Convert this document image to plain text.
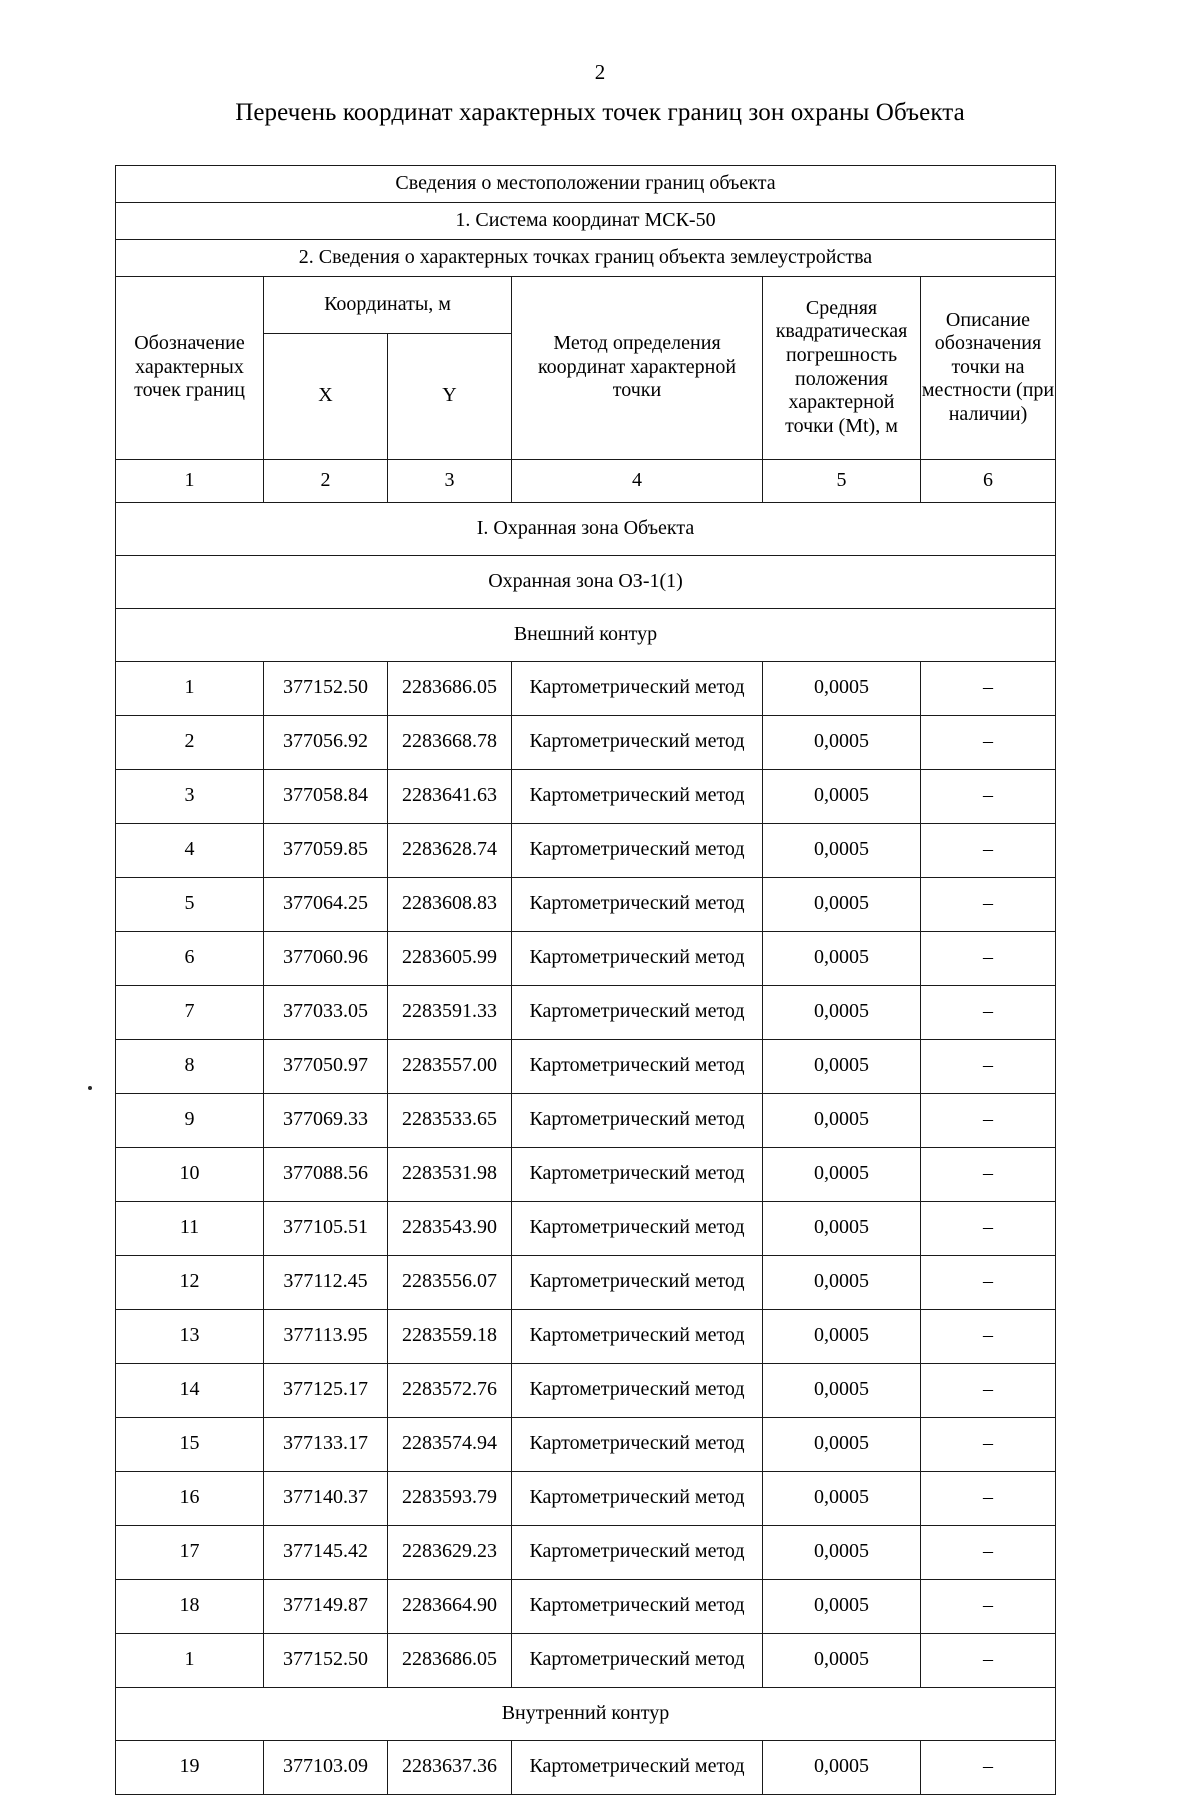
2
Перечень координат характерных точек границ зон охраны Объекта
Сведения о местоположении границ объекта					
1. Система координат МСК-50					
2. Сведения о характерных точках границ объекта землеустройства					
Обозначение характерных точек границ	Координаты, м		Метод определения координат характерной точки	Средняя квадратическая погрешность положения характерной точки (Mt), м	Описание обозначения точки на местности (при наличии)
	X	Y			
1	2	3	4	5	6
I. Охранная зона Объекта					
Охранная зона ОЗ-1(1)					
Внешний контур					
1	377152.50	2283686.05	Картометрический метод	0,0005	–
2	377056.92	2283668.78	Картометрический метод	0,0005	–
3	377058.84	2283641.63	Картометрический метод	0,0005	–
4	377059.85	2283628.74	Картометрический метод	0,0005	–
5	377064.25	2283608.83	Картометрический метод	0,0005	–
6	377060.96	2283605.99	Картометрический метод	0,0005	–
7	377033.05	2283591.33	Картометрический метод	0,0005	–
8	377050.97	2283557.00	Картометрический метод	0,0005	–
9	377069.33	2283533.65	Картометрический метод	0,0005	–
10	377088.56	2283531.98	Картометрический метод	0,0005	–
11	377105.51	2283543.90	Картометрический метод	0,0005	–
12	377112.45	2283556.07	Картометрический метод	0,0005	–
13	377113.95	2283559.18	Картометрический метод	0,0005	–
14	377125.17	2283572.76	Картометрический метод	0,0005	–
15	377133.17	2283574.94	Картометрический метод	0,0005	–
16	377140.37	2283593.79	Картометрический метод	0,0005	–
17	377145.42	2283629.23	Картометрический метод	0,0005	–
18	377149.87	2283664.90	Картометрический метод	0,0005	–
1	377152.50	2283686.05	Картометрический метод	0,0005	–
Внутренний контур					
19	377103.09	2283637.36	Картометрический метод	0,0005	–
